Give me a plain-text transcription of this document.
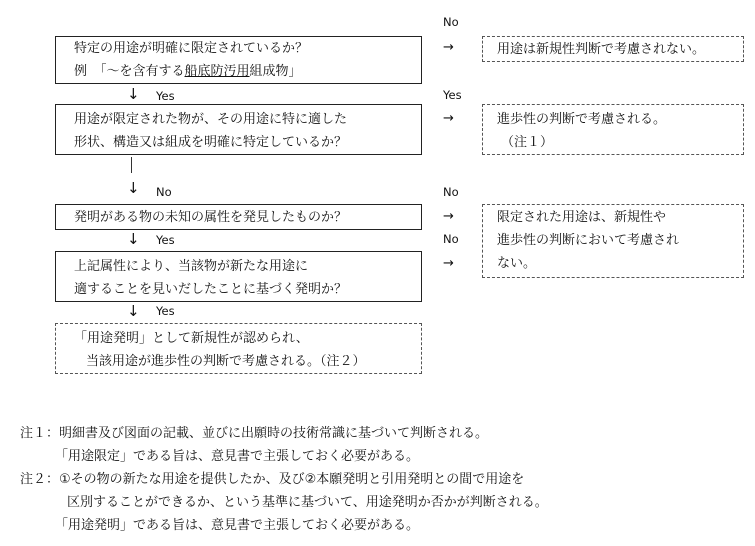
特定の用途が明確に限定されているか？
例　「～を含有する船底防汚用組成物」
用途が限定された物が、その用途に特に適した
形状、構造又は組成を明確に特定しているか？
発明がある物の未知の属性を発見したものか？
上記属性により、当該物が新たな用途に
適することを見いだしたことに基づく発明か？
「用途発明」として新規性が認められ、
当該用途が進歩性の判断で考慮される。（注２）
用途は新規性判断で考慮されない。
進歩性の判断で考慮される。
（注１）
限定された用途は、新規性や
進歩性の判断において考慮され
ない。
No
→
Yes
→
No
→
No
→
↓ Yes
↓ No
↓ Yes
↓ Yes
注１：明細書及び図面の記載、並びに出願時の技術常識に基づいて判断される。
「用途限定」である旨は、意見書で主張しておく必要がある。
注２：①その物の新たな用途を提供したか、及び②本願発明と引用発明との間で用途を
区別することができるか、という基準に基づいて、用途発明か否かが判断される。
「用途発明」である旨は、意見書で主張しておく必要がある。
